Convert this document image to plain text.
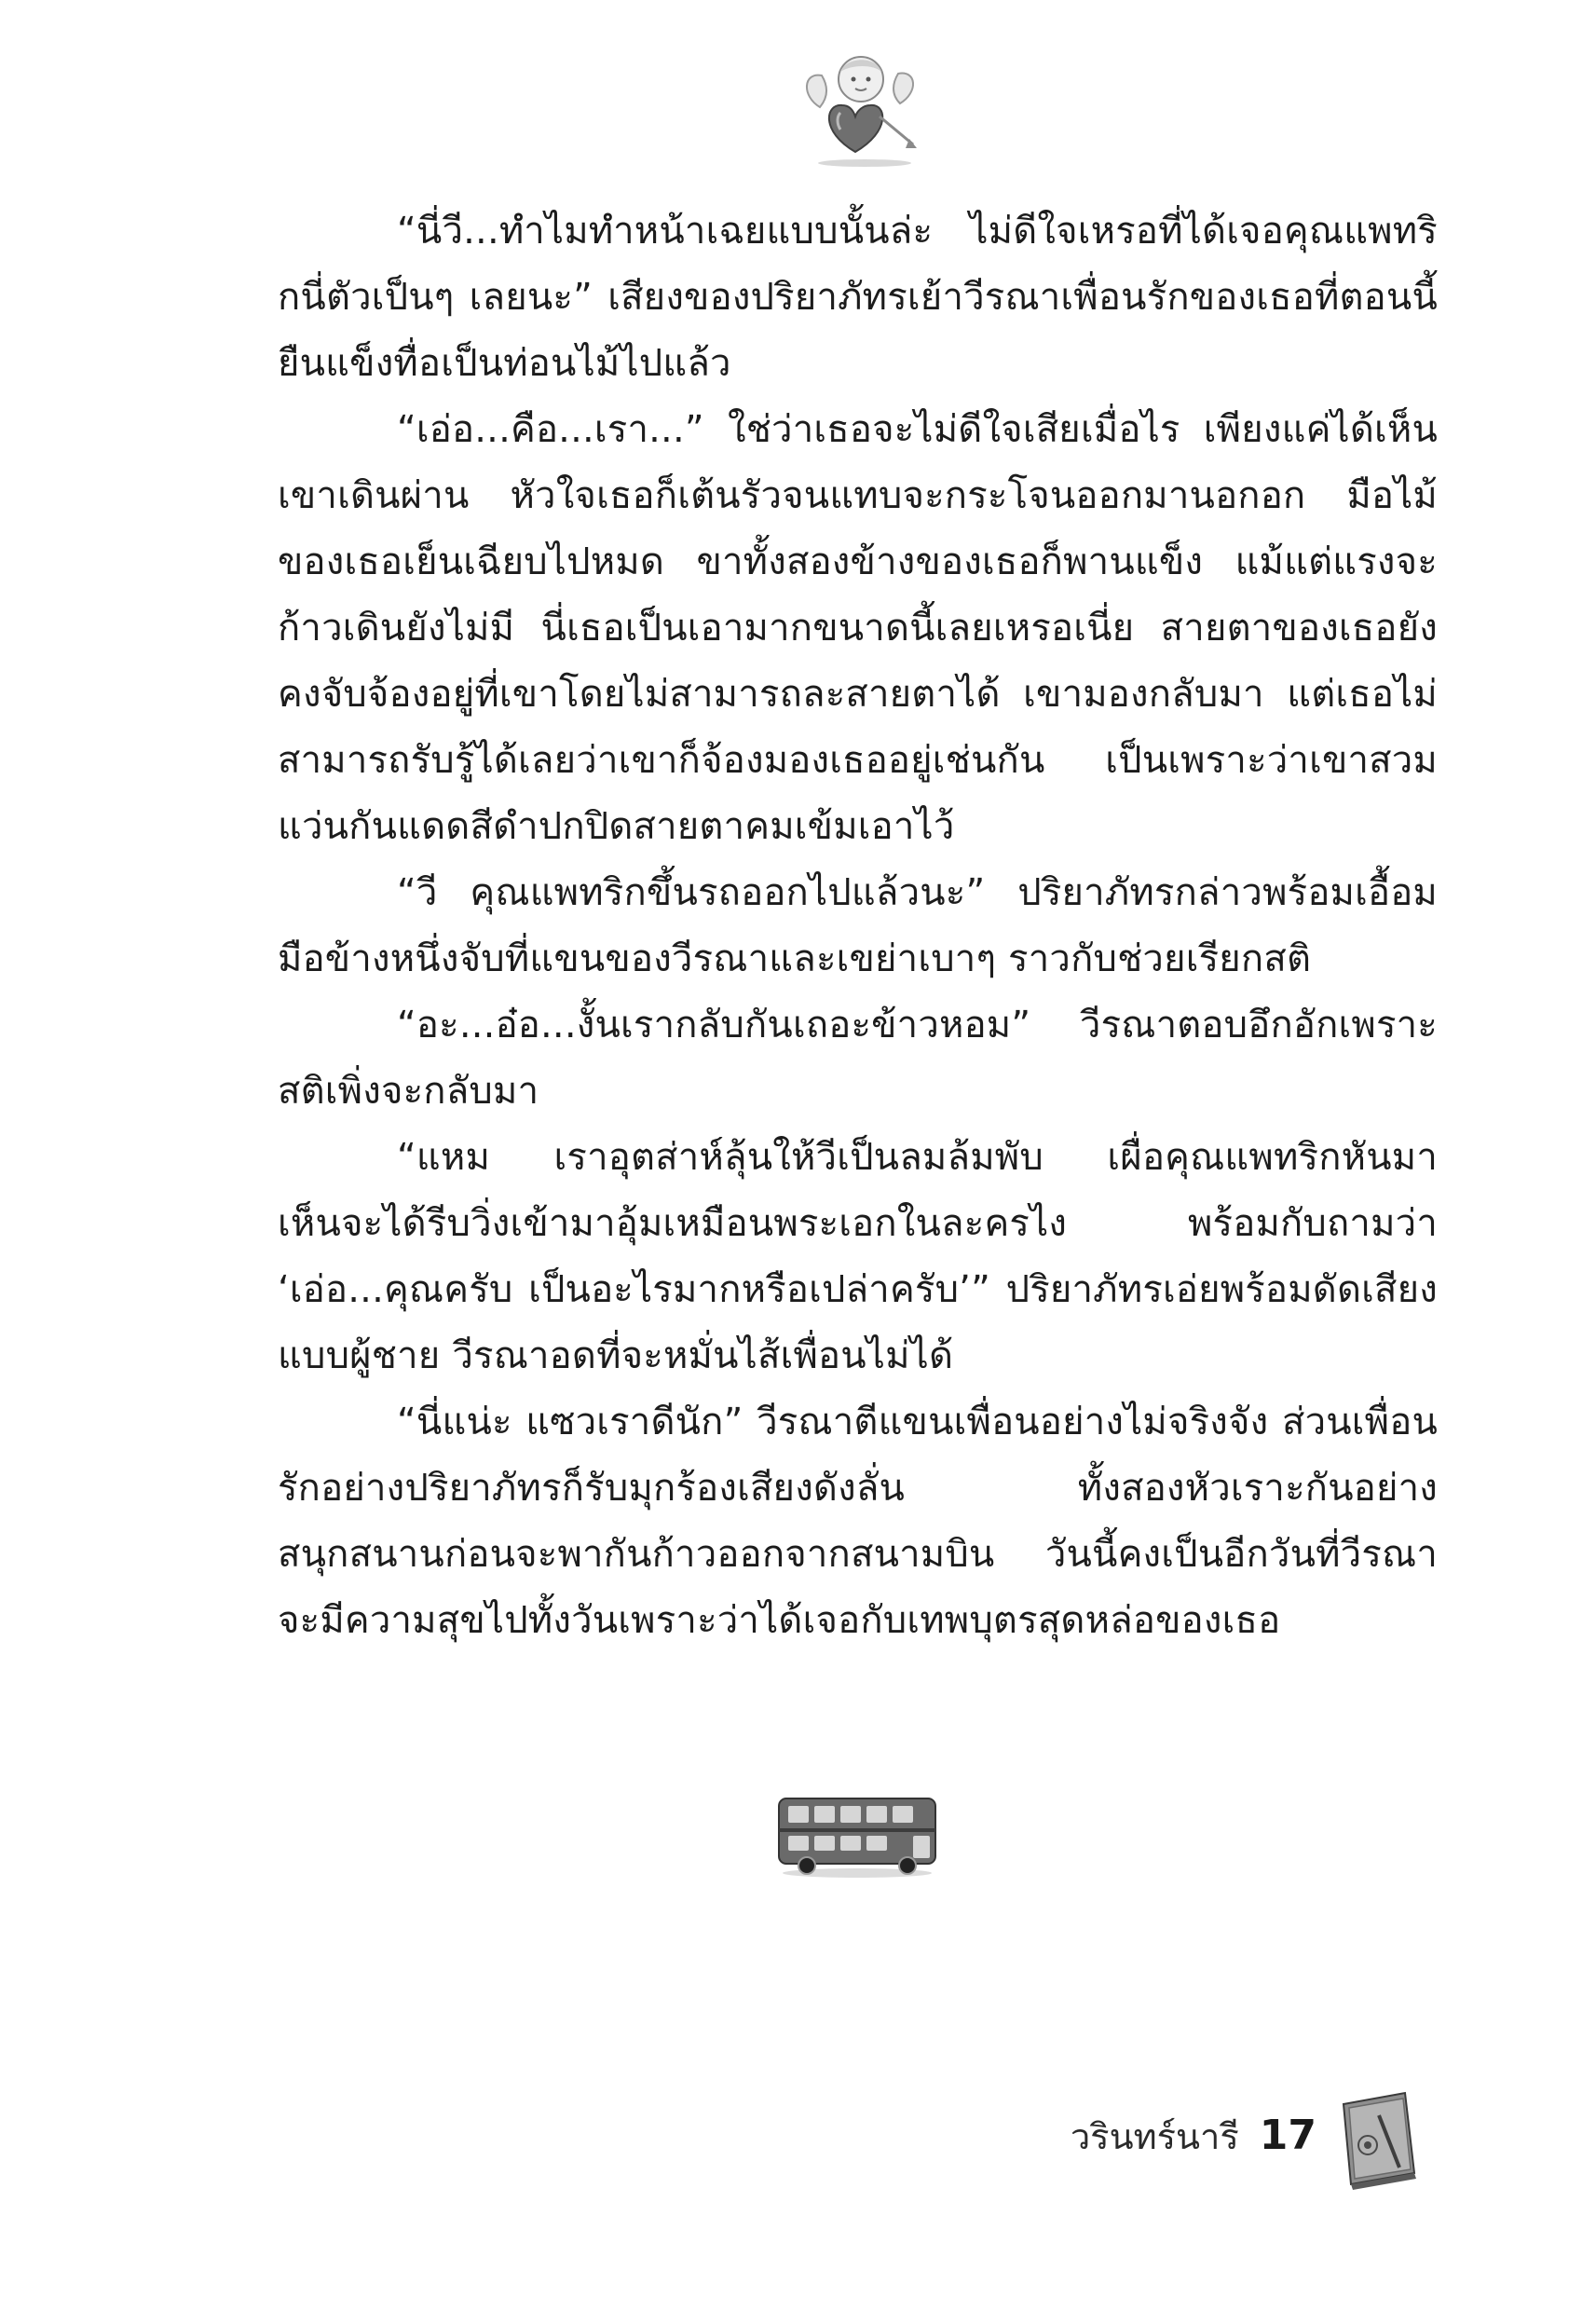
“นี่วี...ทำไมทำหน้าเฉยแบบนั้นล่ะ ไม่ดีใจเหรอที่ได้เจอคุณแพทริกนี่ตัวเป็นๆ เลยนะ” เสียงของปริยาภัทรเย้าวีรณาเพื่อนรักของเธอที่ตอนนี้ยืนแข็งทื่อเป็นท่อนไม้ไปแล้ว

“เอ่อ...คือ...เรา...” ใช่ว่าเธอจะไม่ดีใจเสียเมื่อไร เพียงแค่ได้เห็นเขาเดินผ่าน หัวใจเธอก็เต้นรัวจนแทบจะกระโจนออกมานอกอก มือไม้ของเธอเย็นเฉียบไปหมด ขาทั้งสองข้างของเธอก็พานแข็ง แม้แต่แรงจะก้าวเดินยังไม่มี นี่เธอเป็นเอามากขนาดนี้เลยเหรอเนี่ย สายตาของเธอยังคงจับจ้องอยู่ที่เขาโดยไม่สามารถละสายตาได้ เขามองกลับมา แต่เธอไม่สามารถรับรู้ได้เลยว่าเขาก็จ้องมองเธออยู่เช่นกัน เป็นเพราะว่าเขาสวมแว่นกันแดดสีดำปกปิดสายตาคมเข้มเอาไว้

“วี คุณแพทริกขึ้นรถออกไปแล้วนะ” ปริยาภัทรกล่าวพร้อมเอื้อมมือข้างหนึ่งจับที่แขนของวีรณาและเขย่าเบาๆ ราวกับช่วยเรียกสติ

“อะ...อ๋อ...งั้นเรากลับกันเถอะข้าวหอม” วีรณาตอบอึกอักเพราะสติเพิ่งจะกลับมา

“แหม เราอุตส่าห์ลุ้นให้วีเป็นลมล้มพับ เผื่อคุณแพทริกหันมาเห็นจะได้รีบวิ่งเข้ามาอุ้มเหมือนพระเอกในละครไง พร้อมกับถามว่า ‘เอ่อ...คุณครับ เป็นอะไรมากหรือเปล่าครับ’” ปริยาภัทรเอ่ยพร้อมดัดเสียงแบบผู้ชาย วีรณาอดที่จะหมั่นไส้เพื่อนไม่ได้

“นี่แน่ะ แซวเราดีนัก” วีรณาตีแขนเพื่อนอย่างไม่จริงจัง ส่วนเพื่อนรักอย่างปริยาภัทรก็รับมุกร้องเสียงดังลั่น ทั้งสองหัวเราะกันอย่างสนุกสนานก่อนจะพากันก้าวออกจากสนามบิน วันนี้คงเป็นอีกวันที่วีรณาจะมีความสุขไปทั้งวันเพราะว่าได้เจอกับเทพบุตรสุดหล่อของเธอ

วรินทร์นารี 17
